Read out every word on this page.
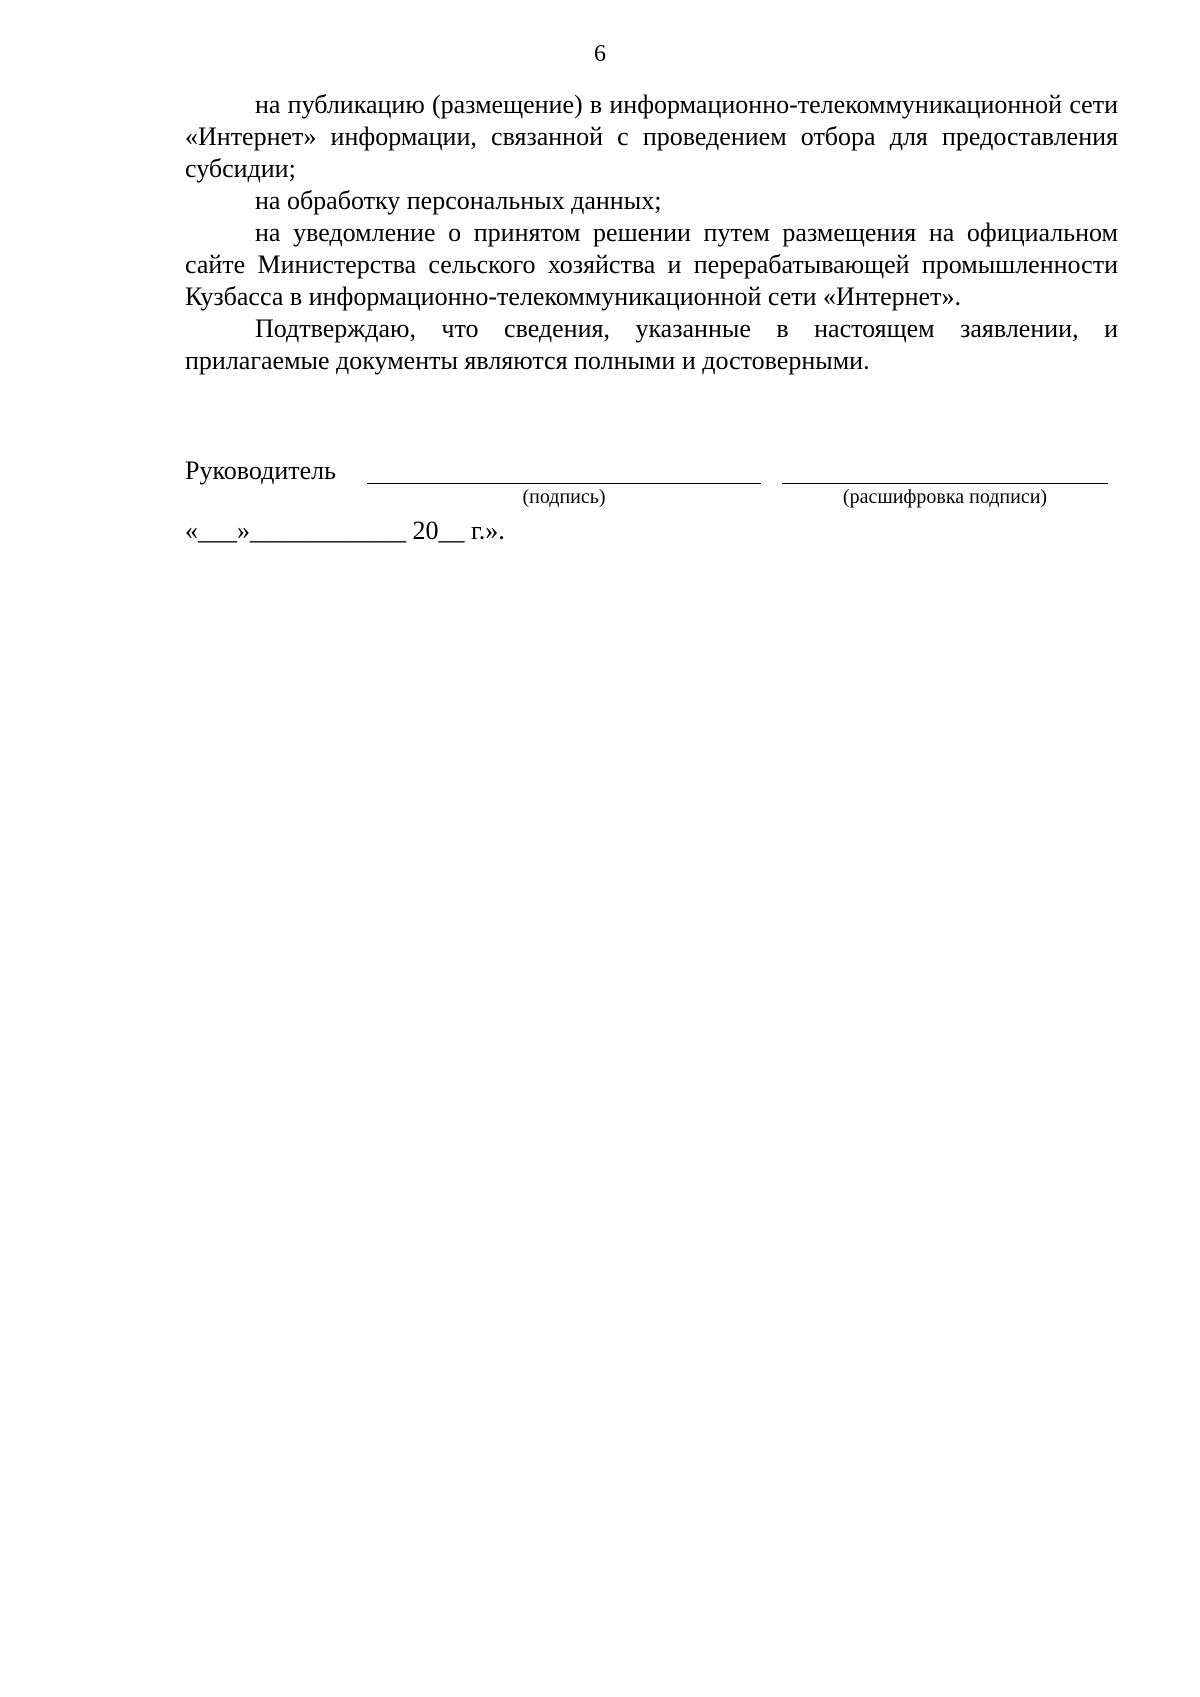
6

на публикацию (размещение) в информационно-телекоммуникационной сети «Интернет» информации, связанной с проведением отбора для предоставления субсидии;

на обработку персональных данных;

на уведомление о принятом решении путем размещения на официальном сайте Министерства сельского хозяйства и перерабатывающей промышленности Кузбасса в информационно-телекоммуникационной сети «Интернет».

Подтверждаю, что сведения, указанные в настоящем заявлении, и прилагаемые документы являются полными и достоверными.

Руководитель
(подпись)	(расшифровка подписи)
«___»____________ 20__ г.».
